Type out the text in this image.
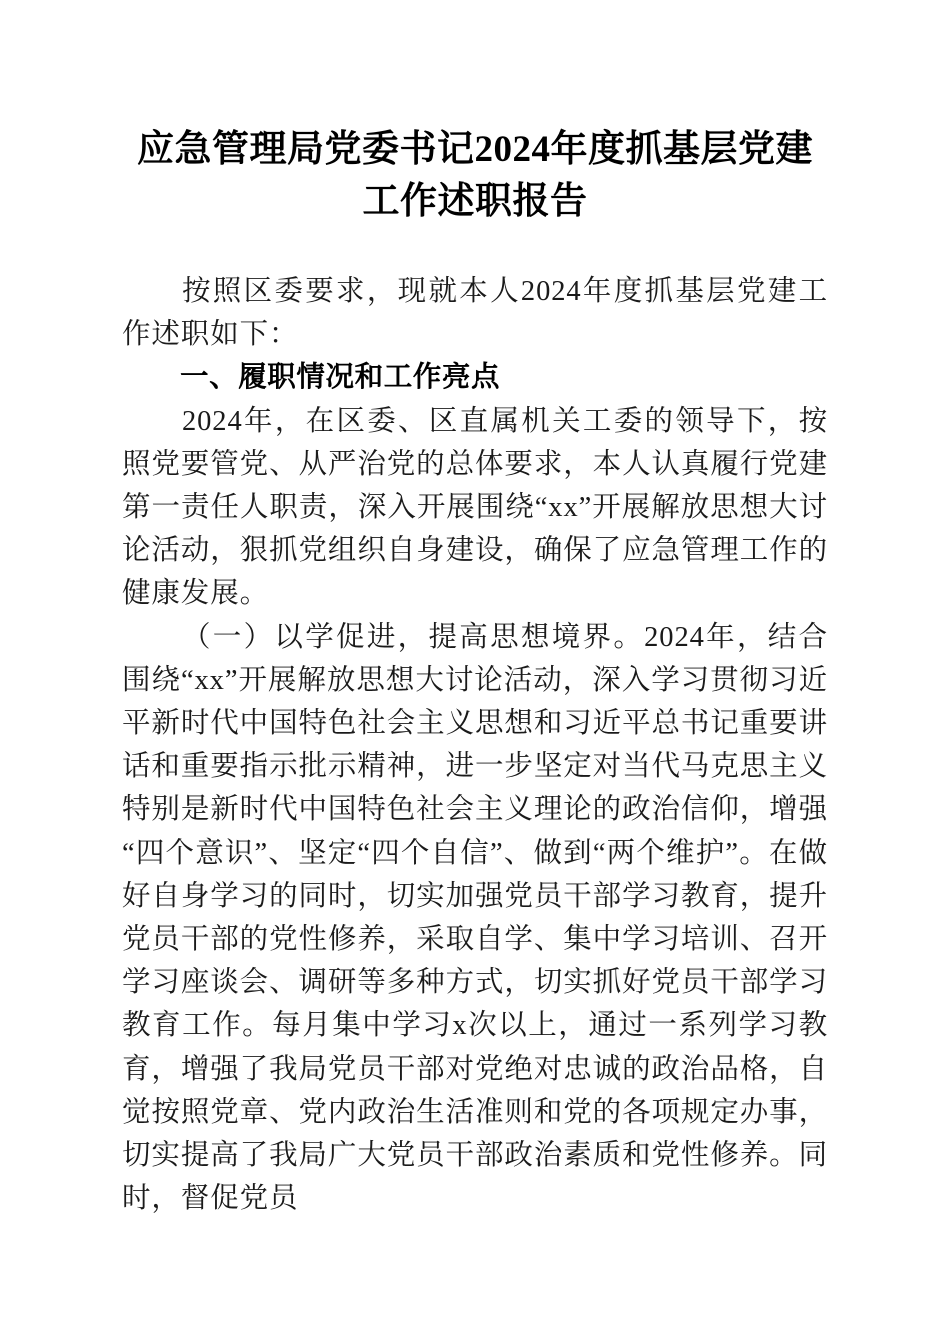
应急管理局党委书记2024年度抓基层党建工作述职报告

按照区委要求，现就本人2024年度抓基层党建工作述职如下：

一、履职情况和工作亮点

2024年，在区委、区直属机关工委的领导下，按照党要管党、从严治党的总体要求，本人认真履行党建第一责任人职责，深入开展围绕“xx”开展解放思想大讨论活动，狠抓党组织自身建设，确保了应急管理工作的健康发展。

（一）以学促进，提高思想境界。2024年，结合围绕“xx”开展解放思想大讨论活动，深入学习贯彻习近平新时代中国特色社会主义思想和习近平总书记重要讲话和重要指示批示精神，进一步坚定对当代马克思主义特别是新时代中国特色社会主义理论的政治信仰，增强“四个意识”、坚定“四个自信”、做到“两个维护”。在做好自身学习的同时，切实加强党员干部学习教育，提升党员干部的党性修养，采取自学、集中学习培训、召开学习座谈会、调研等多种方式，切实抓好党员干部学习教育工作。每月集中学习x次以上，通过一系列学习教育，增强了我局党员干部对党绝对忠诚的政治品格，自觉按照党章、党内政治生活准则和党的各项规定办事，切实提高了我局广大党员干部政治素质和党性修养。同时，督促党员
